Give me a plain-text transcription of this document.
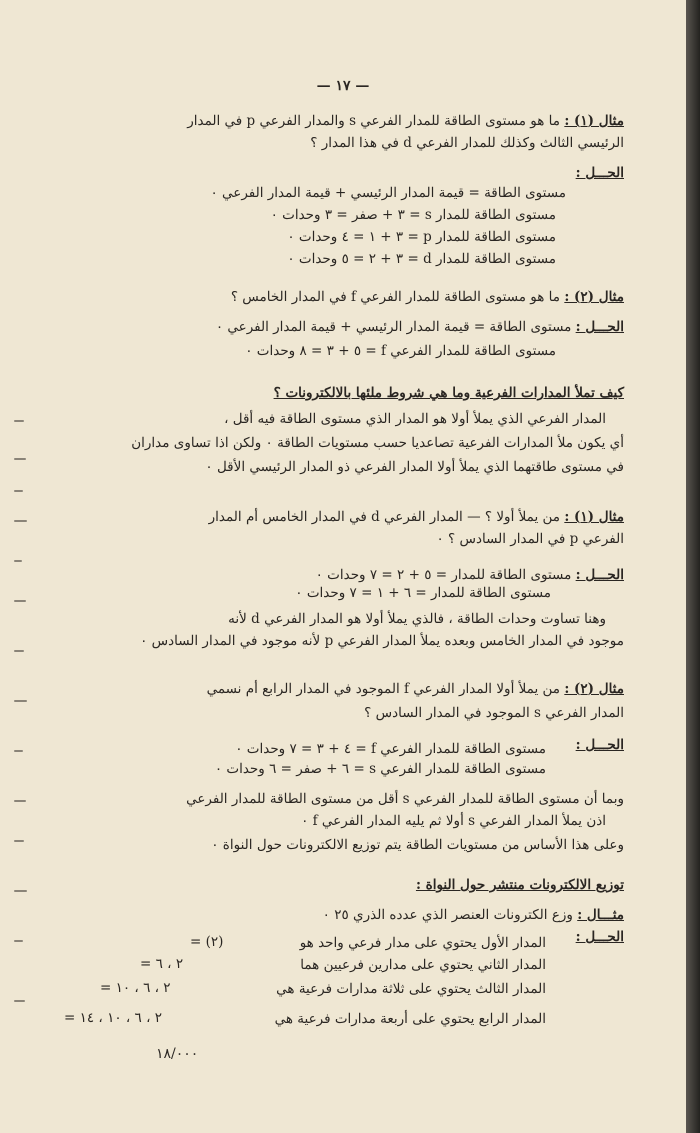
— ١٧ —
مثال (١) : ما هو مستوى الطاقة للمدار الفرعي s والمدار الفرعي p في المدار
الرئيسي الثالث وكذلك للمدار الفرعي d في هذا المدار ؟
الحـــل :
مستوى الطاقة = قيمة المدار الرئيسي + قيمة المدار الفرعي ٠
مستوى الطاقة للمدار s = ٣ + صفر = ٣ وحدات ٠
مستوى الطاقة للمدار p = ٣ + ١ = ٤ وحدات ٠
مستوى الطاقة للمدار d = ٣ + ٢ = ٥ وحدات ٠
مثال (٢) : ما هو مستوى الطاقة للمدار الفرعي f في المدار الخامس ؟
الحـــل : مستوى الطاقة = قيمة المدار الرئيسي + قيمة المدار الفرعي ٠
مستوى الطاقة للمدار الفرعي f = ٥ + ٣ = ٨ وحدات ٠
كيف تملأ المدارات الفرعية وما هي شروط ملئها بالالكترونات ؟
المدار الفرعي الذي يملأ أولا هو المدار الذي مستوى الطاقة فيه أقل ،
أي يكون ملأ المدارات الفرعية تصاعديا حسب مستويات الطاقة ٠ ولكن اذا تساوى مداران
في مستوى طاقتهما الذي يملأ أولا المدار الفرعي ذو المدار الرئيسي الأقل ٠
مثال (١) : من يملأ أولا ؟ — المدار الفرعي d في المدار الخامس أم المدار
الفرعي p في المدار السادس ؟ ٠
الحـــل : مستوى الطاقة للمدار = ٥ + ٢ = ٧ وحدات ٠
مستوى الطاقة للمدار = ٦ + ١ = ٧ وحدات ٠
وهنا تساوت وحدات الطاقة ، فالذي يملأ أولا هو المدار الفرعي d لأنه
موجود في المدار الخامس وبعده يملأ المدار الفرعي p لأنه موجود في المدار السادس ٠
مثال (٢) : من يملأ أولا المدار الفرعي f الموجود في المدار الرابع أم نسمي
المدار الفرعي s الموجود في المدار السادس ؟
الحـــل :
مستوى الطاقة للمدار الفرعي f = ٤ + ٣ = ٧ وحدات ٠
مستوى الطاقة للمدار الفرعي s = ٦ + صفر = ٦ وحدات ٠
وبما أن مستوى الطاقة للمدار الفرعي s أقل من مستوى الطاقة للمدار الفرعي
اذن يملأ المدار الفرعي s أولا ثم يليه المدار الفرعي f ٠
وعلى هذا الأساس من مستويات الطاقة يتم توزيع الالكترونات حول النواة ٠
توزيع الالكترونات منتشر حول النواة :
مثـــال : وزع الكترونات العنصر الذي عدده الذري ٢٥ ٠
الحـــل :
المدار الأول يحتوي على مدار فرعي واحد هو
المدار الثاني يحتوي على مدارين فرعيين هما
المدار الثالث يحتوي على ثلاثة مدارات فرعية هي
المدار الرابع يحتوي على أربعة مدارات فرعية هي
= (٢)
= ٢ ، ٦
= ٢ ، ٦ ، ١٠
= ٢ ، ٦ ، ١٠ ، ١٤
١٨/٠٠٠
